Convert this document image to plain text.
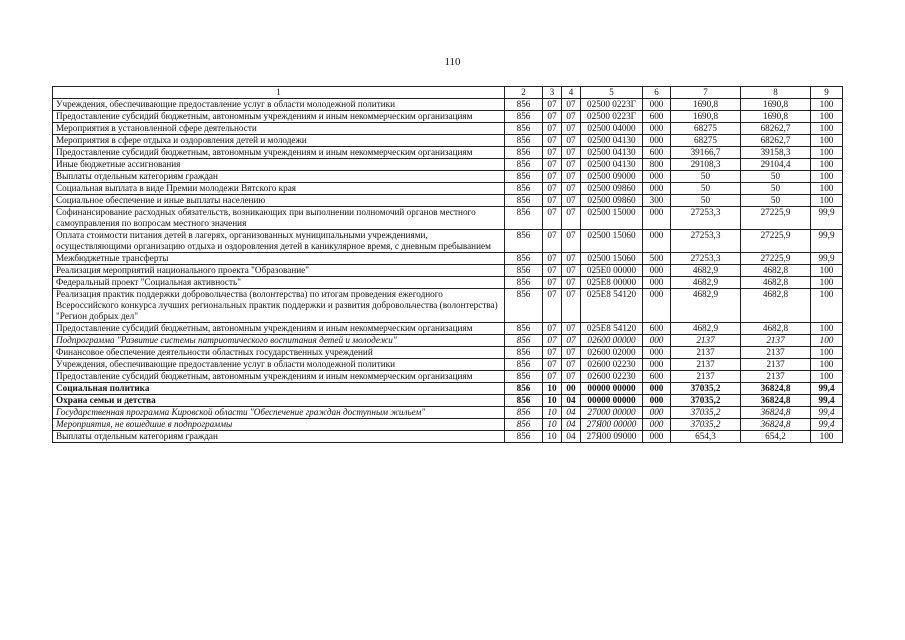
110
1	2	3	4	5	6	7	8	9
Учреждения, обеспечивающие предоставление услуг в области молодежной политики	856	07	07	02500 0223Г	000	1690,8	1690,8	100
Предоставление субсидий бюджетным, автономным учреждениям и иным некоммерческим организациям	856	07	07	02500 0223Г	600	1690,8	1690,8	100
Мероприятия в установленной сфере деятельности	856	07	07	02500 04000	000	68275	68262,7	100
Мероприятия в сфере отдыха и оздоровления детей и молодежи	856	07	07	02500 04130	000	68275	68262,7	100
Предоставление субсидий бюджетным, автономным учреждениям и иным некоммерческим организациям	856	07	07	02500 04130	600	39166,7	39158,3	100
Иные бюджетные ассигнования	856	07	07	02500 04130	800	29108,3	29104,4	100
Выплаты отдельным категориям граждан	856	07	07	02500 09000	000	50	50	100
Социальная выплата в виде Премии молодежи Вятского края	856	07	07	02500 09860	000	50	50	100
Социальное обеспечение и иные выплаты населению	856	07	07	02500 09860	300	50	50	100
Софинансирование расходных обязательств, возникающих при выполнении полномочий органов местного самоуправления по вопросам местного значения	856	07	07	02500 15000	000	27253,3	27225,9	99,9
Оплата стоимости питания детей в лагерях, организованных муниципальными учреждениями, осуществляющими организацию отдыха и оздоровления детей в каникулярное время, с дневным пребыванием	856	07	07	02500 15060	000	27253,3	27225,9	99,9
Межбюджетные трансферты	856	07	07	02500 15060	500	27253,3	27225,9	99,9
Реализация мероприятий национального проекта "Образование"	856	07	07	025Е0 00000	000	4682,9	4682,8	100
Федеральный проект "Социальная активность"	856	07	07	025Е8 00000	000	4682,9	4682,8	100
Реализация практик поддержки добровольчества (волонтерства) по итогам проведения ежегодного Всероссийского конкурса лучших региональных практик поддержки и развития добровольчества (волонтерства) "Регион добрых дел"	856	07	07	025Е8 54120	000	4682,9	4682,8	100
Предоставление субсидий бюджетным, автономным учреждениям и иным некоммерческим организациям	856	07	07	025Е8 54120	600	4682,9	4682,8	100
Подпрограмма "Развитие системы патриотического воспитания детей и молодежи"	856	07	07	02600 00000	000	2137	2137	100
Финансовое обеспечение деятельности областных государственных учреждений	856	07	07	02600 02000	000	2137	2137	100
Учреждения, обеспечивающие предоставление услуг в области молодежной политики	856	07	07	02600 02230	000	2137	2137	100
Предоставление субсидий бюджетным, автономным учреждениям и иным некоммерческим организациям	856	07	07	02600 02230	600	2137	2137	100
Социальная политика	856	10	00	00000 00000	000	37035,2	36824,8	99,4
Охрана семьи и детства	856	10	04	00000 00000	000	37035,2	36824,8	99,4
Государственная программа Кировской области "Обеспечение граждан доступным жильем"	856	10	04	27000 00000	000	37035,2	36824,8	99,4
Мероприятия, не вошедшие в подпрограммы	856	10	04	27Я00 00000	000	37035,2	36824,8	99,4
Выплаты отдельным категориям граждан	856	10	04	27Я00 09000	000	654,3	654,2	100
